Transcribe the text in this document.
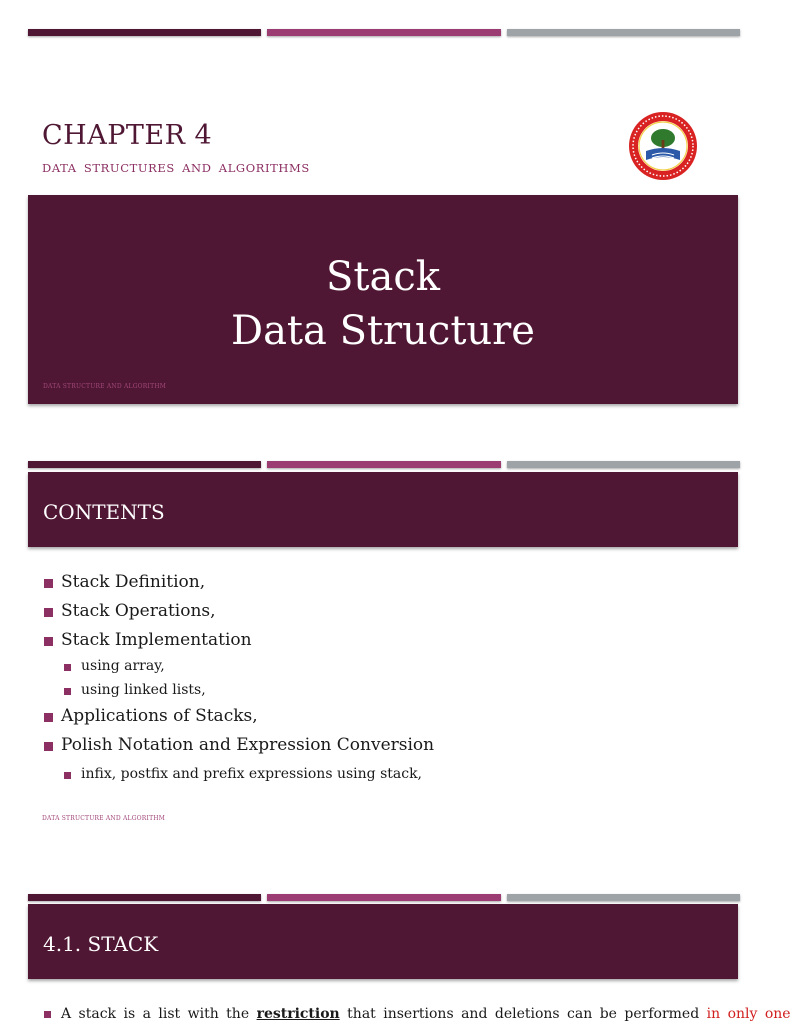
CHAPTER 4
DATA STRUCTURES AND ALGORITHMS
Stack
Data Structure
DATA STRUCTURE AND ALGORITHM
CONTENTS
Stack Definition,
Stack Operations,
Stack Implementation
using array,
using linked lists,
Applications of Stacks,
Polish Notation and Expression Conversion
infix, postfix and prefix expressions using stack,
DATA STRUCTURE AND ALGORITHM
4.1. STACK
A stack is a list with the restriction that insertions and deletions can be performed in only one
